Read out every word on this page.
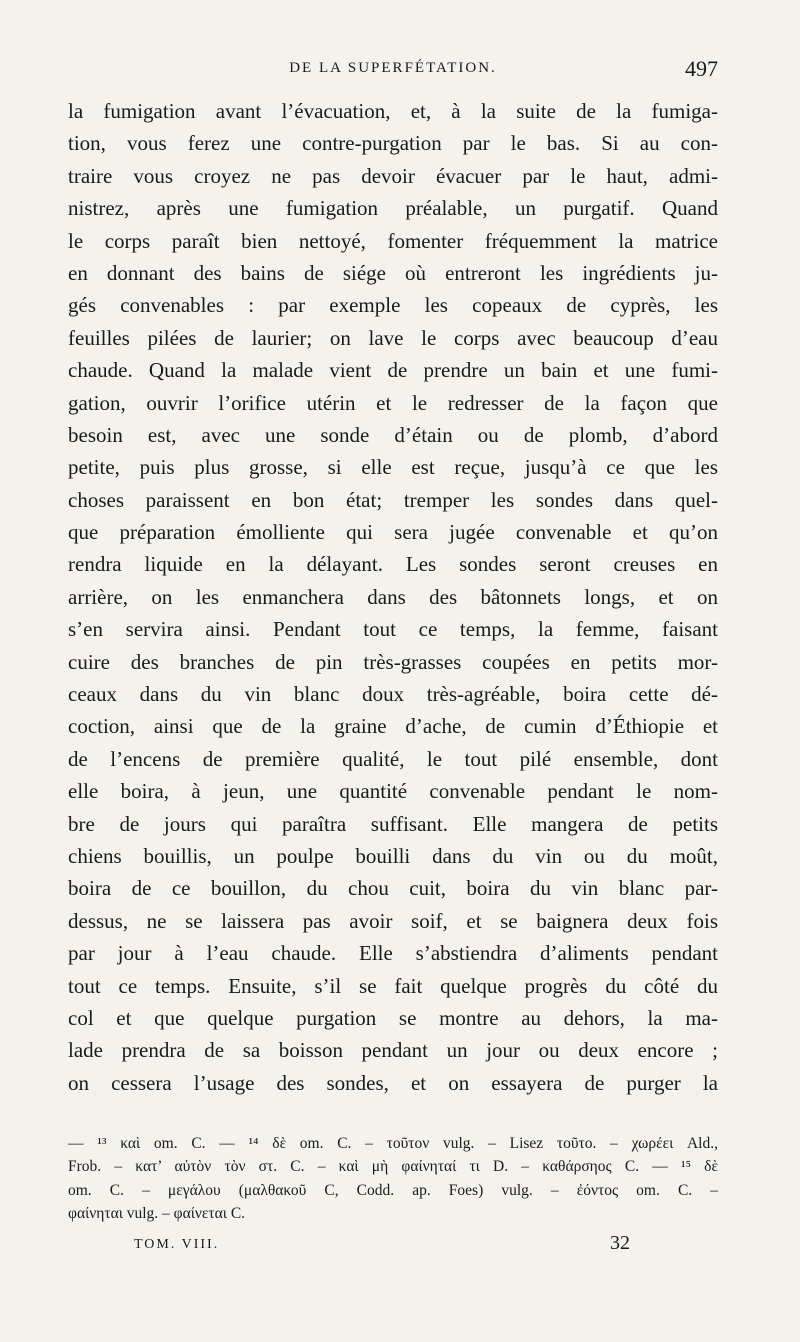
DE LA SUPERFÉTATION.	497
la fumigation avant l’évacuation, et, à la suite de la fumiga-
tion, vous ferez une contre-purgation par le bas. Si au con-
traire vous croyez ne pas devoir évacuer par le haut, admi-
nistrez, après une fumigation préalable, un purgatif. Quand
le corps paraît bien nettoyé, fomenter fréquemment la matrice
en donnant des bains de siége où entreront les ingrédients ju-
gés convenables : par exemple les copeaux de cyprès, les
feuilles pilées de laurier; on lave le corps avec beaucoup d’eau
chaude. Quand la malade vient de prendre un bain et une fumi-
gation, ouvrir l’orifice utérin et le redresser de la façon que
besoin est, avec une sonde d’étain ou de plomb, d’abord
petite, puis plus grosse, si elle est reçue, jusqu’à ce que les
choses paraissent en bon état; tremper les sondes dans quel-
que préparation émolliente qui sera jugée convenable et qu’on
rendra liquide en la délayant. Les sondes seront creuses en
arrière, on les enmanchera dans des bâtonnets longs, et on
s’en servira ainsi. Pendant tout ce temps, la femme, faisant
cuire des branches de pin très-grasses coupées en petits mor-
ceaux dans du vin blanc doux très-agréable, boira cette dé-
coction, ainsi que de la graine d’ache, de cumin d’Éthiopie et
de l’encens de première qualité, le tout pilé ensemble, dont
elle boira, à jeun, une quantité convenable pendant le nom-
bre de jours qui paraîtra suffisant. Elle mangera de petits
chiens bouillis, un poulpe bouilli dans du vin ou du moût,
boira de ce bouillon, du chou cuit, boira du vin blanc par-
dessus, ne se laissera pas avoir soif, et se baignera deux fois
par jour à l’eau chaude. Elle s’abstiendra d’aliments pendant
tout ce temps. Ensuite, s’il se fait quelque progrès du côté du
col et que quelque purgation se montre au dehors, la ma-
lade prendra de sa boisson pendant un jour ou deux encore ;
on cessera l’usage des sondes, et on essayera de purger la
— ¹³ καὶ om. C. — ¹⁴ δὲ om. C. – τοῦτον vulg. – Lisez τοῦτο. – χωρέει Ald.,
Frob. – κατ’ αὐτὸν τὸν στ. C. – καὶ μὴ φαίνηταί τι D. – καθάρσηος C. — ¹⁵ δὲ
om. C. – μεγάλου (μαλθακοῦ C, Codd. ap. Foes) vulg. – ἐόντος om. C. –
φαίνηται vulg. – φαίνεται C.
TOM. VIII.	32
